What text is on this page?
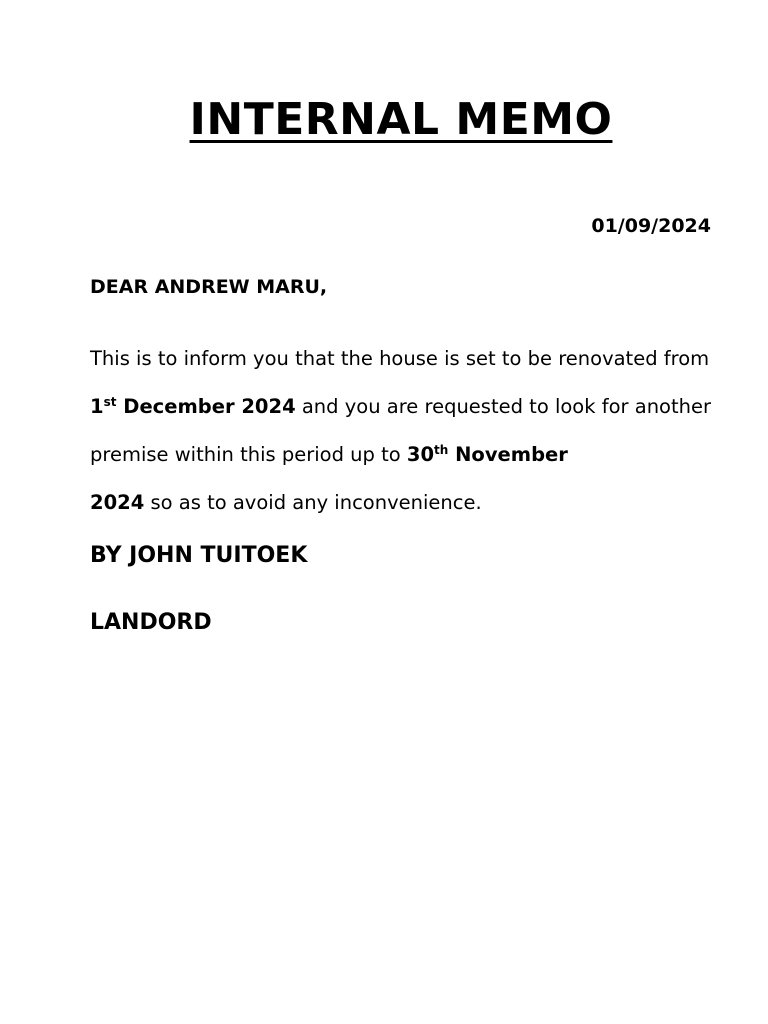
INTERNAL MEMO
01/09/2024
DEAR ANDREW MARU,

This is to inform you that the house is set to be renovated from 1st December 2024 and you are requested to look for another premise within this period up to 30th November
2024 so as to avoid any inconvenience.

BY JOHN TUITOEK
LANDORD
